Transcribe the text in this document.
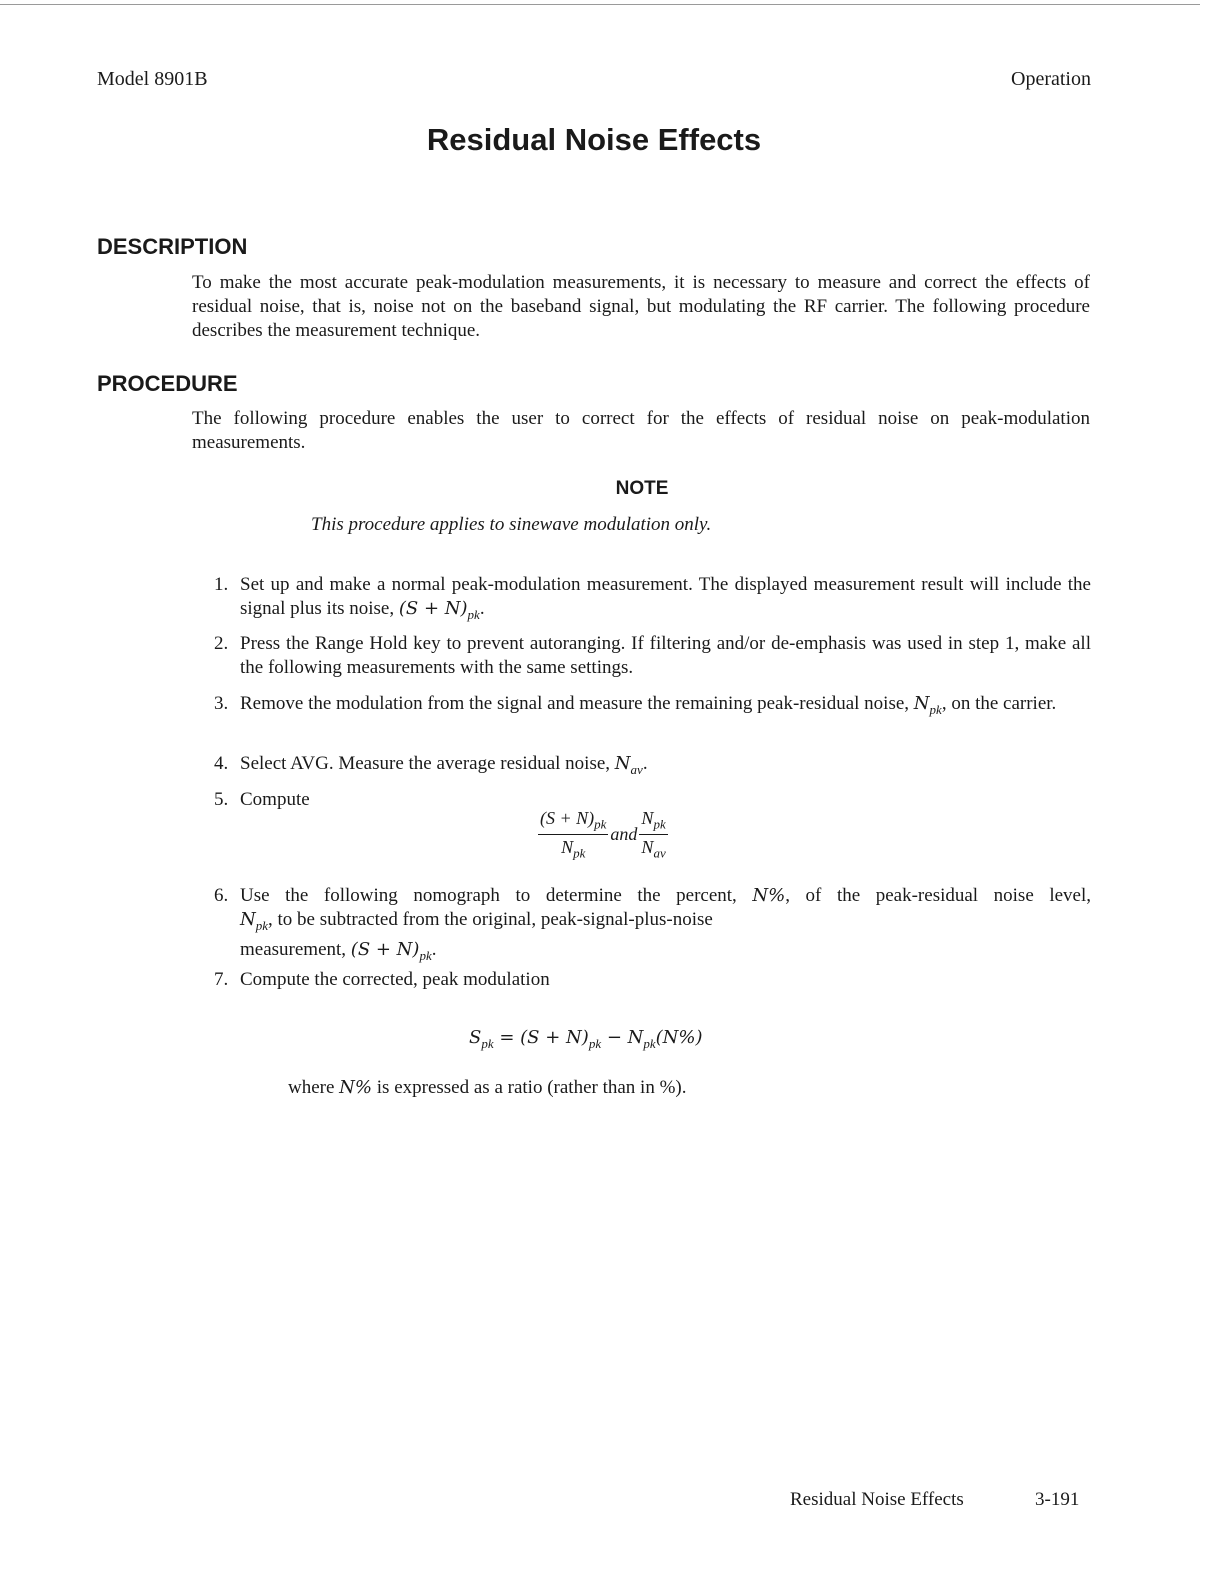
Model 8901B	Operation
Residual Noise Effects
DESCRIPTION
To make the most accurate peak-modulation measurements, it is necessary to measure and correct the effects of residual noise, that is, noise not on the baseband signal, but modulating the RF carrier. The following procedure describes the measurement technique.
PROCEDURE
The following procedure enables the user to correct for the effects of residual noise on peak-modulation measurements.
NOTE
This procedure applies to sinewave modulation only.
1. Set up and make a normal peak-modulation measurement. The displayed measurement result will include the signal plus its noise, $(S + N)_{pk}$.
2. Press the Range Hold key to prevent autoranging. If filtering and/or de-emphasis was used in step 1, make all the following measurements with the same settings.
3. Remove the modulation from the signal and measure the remaining peak-residual noise, $N_{pk}$, on the carrier.
4. Select AVG. Measure the average residual noise, $N_{av}$.
5. Compute
$\frac{(S + N)_{pk}}{N_{pk}}$ and $\frac{N_{pk}}{N_{av}}$
6. Use the following nomograph to determine the percent, N%, of the peak-residual noise level,
$N_{pk}$, to be subtracted from the original, peak-signal-plus-noise
measurement, $(S + N)_{pk}$.
7. Compute the corrected, peak modulation
$S_{pk} = (S + N)_{pk} - N_{pk}(N\%)$
where N% is expressed as a ratio (rather than in %).
Residual Noise Effects	3-191
